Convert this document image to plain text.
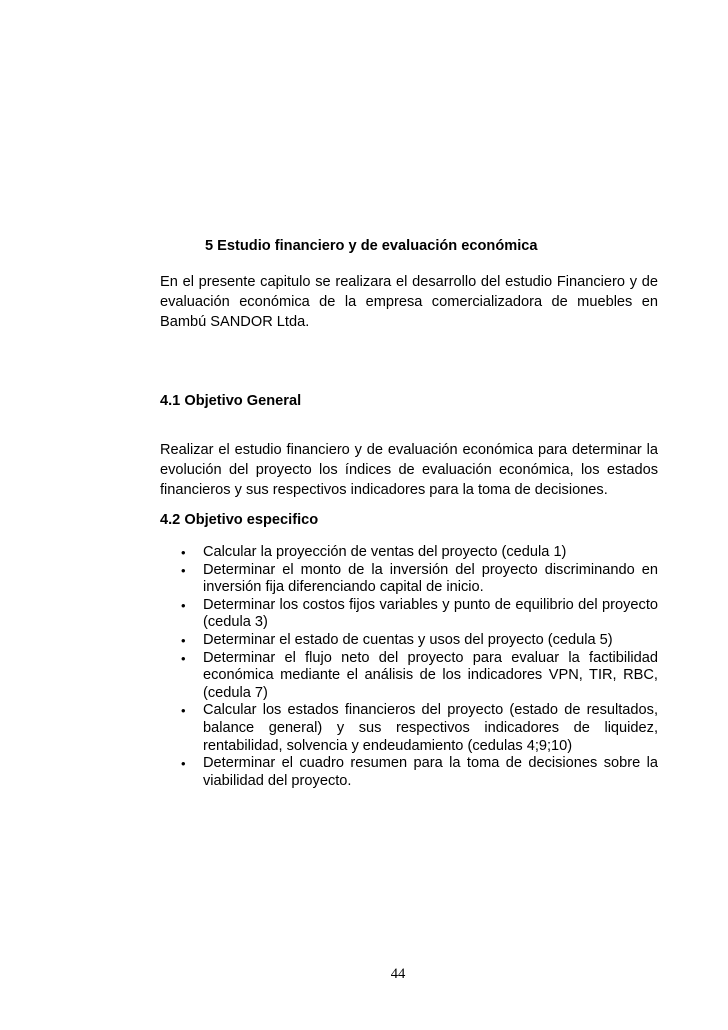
5 Estudio financiero y de evaluación económica

En el presente capitulo se realizara el desarrollo del estudio Financiero y de evaluación económica de la empresa comercializadora de muebles en Bambú SANDOR Ltda.

4.1 Objetivo General

Realizar el estudio financiero y de evaluación económica para determinar la evolución del proyecto los índices de evaluación económica, los estados financieros y sus respectivos indicadores para la toma de decisiones.

4.2 Objetivo especifico
• Calcular la proyección de ventas del proyecto (cedula 1)
• Determinar el monto de la inversión del proyecto discriminando en inversión fija diferenciando capital de inicio.
• Determinar los costos fijos variables y punto de equilibrio del proyecto (cedula 3)
• Determinar el estado de cuentas y usos del proyecto (cedula 5)
• Determinar el flujo neto del proyecto para evaluar la factibilidad económica mediante el análisis de los indicadores VPN, TIR, RBC, (cedula 7)
• Calcular los estados financieros del proyecto (estado de resultados, balance general) y sus respectivos indicadores de liquidez, rentabilidad, solvencia y endeudamiento (cedulas 4;9;10)
• Determinar el cuadro resumen para la toma de decisiones sobre la viabilidad del proyecto.
44
